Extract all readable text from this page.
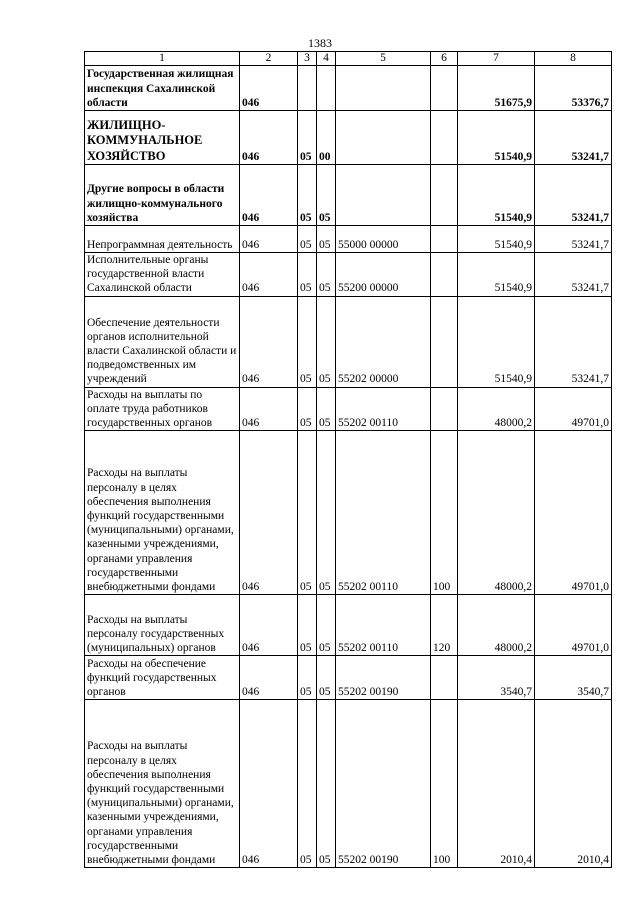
1383
1	2	3	4	5	6	7	8
Государственная жилищная инспекция Сахалинской области	046					51675,9	53376,7
ЖИЛИЩНО-КОММУНАЛЬНОЕ ХОЗЯЙСТВО	046	05	00			51540,9	53241,7
Другие вопросы в области жилищно-коммунального хозяйства	046	05	05			51540,9	53241,7
Непрограммная деятельность	046	05	05	55000 00000		51540,9	53241,7
Исполнительные органы государственной власти Сахалинской области	046	05	05	55200 00000		51540,9	53241,7
Обеспечение деятельности органов исполнительной власти Сахалинской области и подведомственных им учреждений	046	05	05	55202 00000		51540,9	53241,7
Расходы на выплаты по оплате труда работников государственных органов	046	05	05	55202 00110		48000,2	49701,0
Расходы на выплаты персоналу в целях обеспечения выполнения функций государственными (муниципальными) органами, казенными учреждениями, органами управления государственными внебюджетными фондами	046	05	05	55202 00110	100	48000,2	49701,0
Расходы на выплаты персоналу государственных (муниципальных) органов	046	05	05	55202 00110	120	48000,2	49701,0
Расходы на обеспечение функций государственных органов	046	05	05	55202 00190		3540,7	3540,7
Расходы на выплаты персоналу в целях обеспечения выполнения функций государственными (муниципальными) органами, казенными учреждениями, органами управления государственными внебюджетными фондами	046	05	05	55202 00190	100	2010,4	2010,4
